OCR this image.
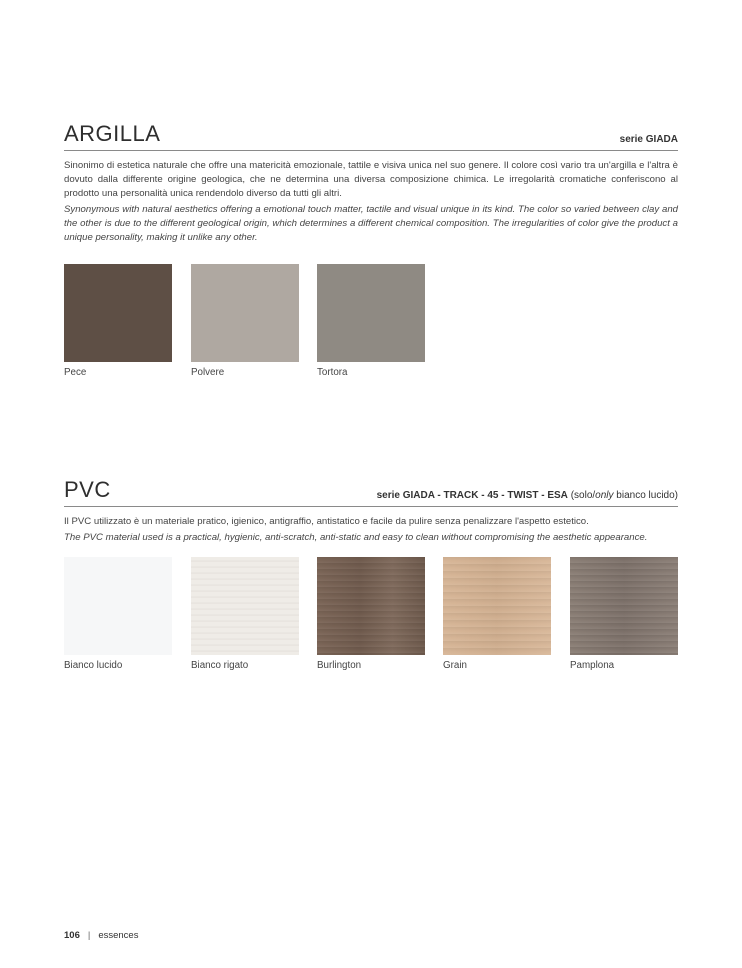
ARGILLA	serie GIADA

Sinonimo di estetica naturale che offre una matericità emozionale, tattile e visiva unica nel suo genere. Il colore così vario tra un'argilla e l'altra è dovuto dalla differente origine geologica, che ne determina una diversa composizione chimica. Le irregolarità cromatiche conferiscono al prodotto una personalità unica rendendolo diverso da tutti gli altri.

Synonymous with natural aesthetics offering a emotional touch matter, tactile and visual unique in its kind. The color so varied between clay and the other is due to the different geological origin, which determines a different chemical composition. The irregularities of color give the product a unique personality, making it unlike any other.

Pece	Polvere	Tortora
PVC	serie GIADA - TRACK - 45 - TWIST - ESA (solo/only bianco lucido)

Il PVC utilizzato è un materiale pratico, igienico, antigraffio, antistatico e facile da pulire senza penalizzare l'aspetto estetico.

The PVC material used is a practical, hygienic, anti-scratch, anti-static and easy to clean without compromising the aesthetic appearance.

Bianco lucido	Bianco rigato	Burlington	Grain	Pamplona
106 | essences
